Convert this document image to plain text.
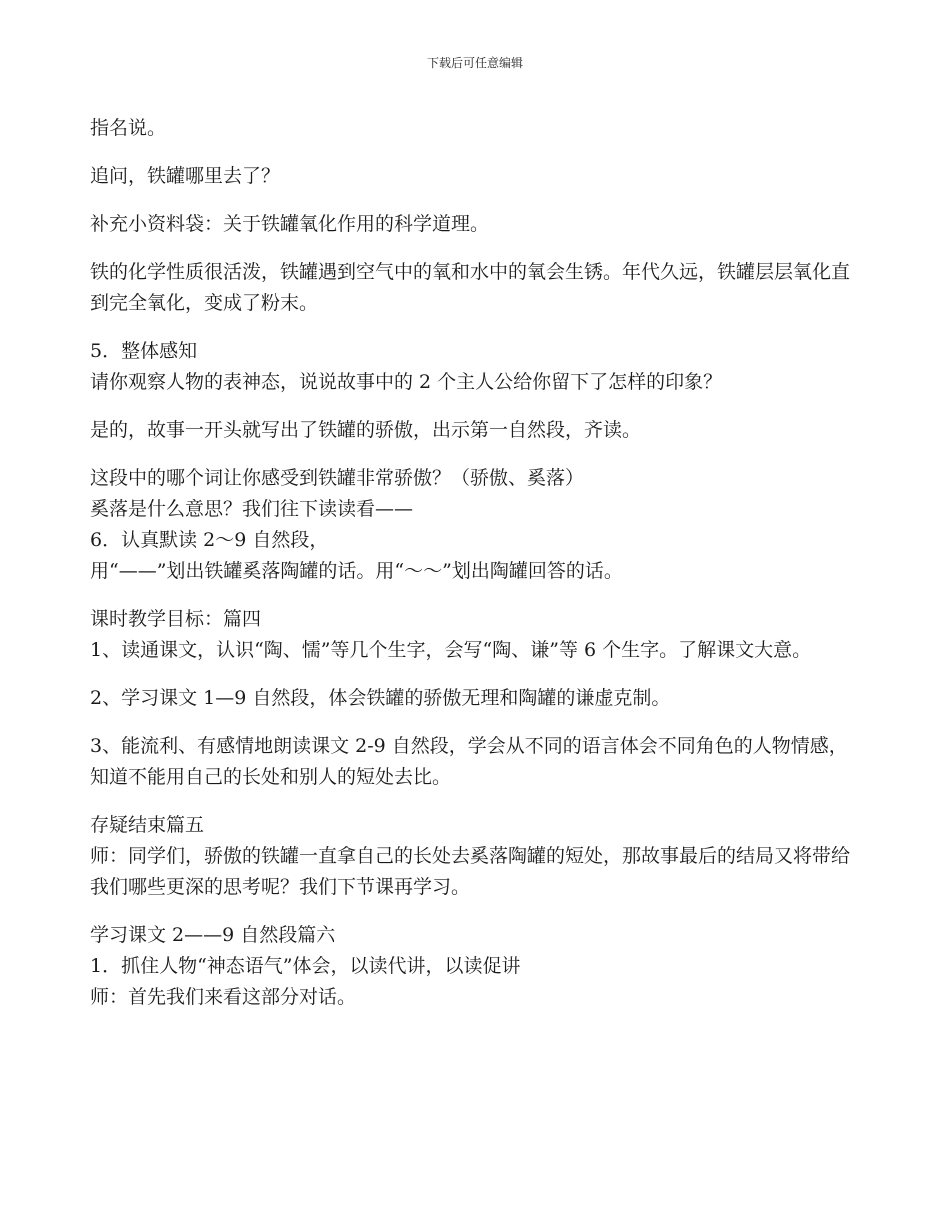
下载后可任意编辑

指名说。

追问，铁罐哪里去了？

补充小资料袋：关于铁罐氧化作用的科学道理。

铁的化学性质很活泼，铁罐遇到空气中的氧和水中的氧会生锈。年代久远，铁罐层层氧化直到完全氧化，变成了粉末。

5．整体感知

请你观察人物的表神态，说说故事中的 2 个主人公给你留下了怎样的印象？

是的，故事一开头就写出了铁罐的骄傲，出示第一自然段，齐读。

这段中的哪个词让你感受到铁罐非常骄傲？（骄傲、奚落）

奚落是什么意思？我们往下读读看——

6．认真默读 2～9 自然段，

用“——”划出铁罐奚落陶罐的话。用“～～”划出陶罐回答的话。

课时教学目标：篇四

1、读通课文，认识“陶、懦”等几个生字，会写“陶、谦”等 6 个生字。了解课文大意。

2、学习课文 1—9 自然段，体会铁罐的骄傲无理和陶罐的谦虚克制。

3、能流利、有感情地朗读课文 2-9 自然段，学会从不同的语言体会不同角色的人物情感，知道不能用自己的长处和别人的短处去比。

存疑结束篇五

师：同学们，骄傲的铁罐一直拿自己的长处去奚落陶罐的短处，那故事最后的结局又将带给我们哪些更深的思考呢？我们下节课再学习。

学习课文 2——9 自然段篇六

1．抓住人物“神态语气”体会，以读代讲，以读促讲

师：首先我们来看这部分对话。
